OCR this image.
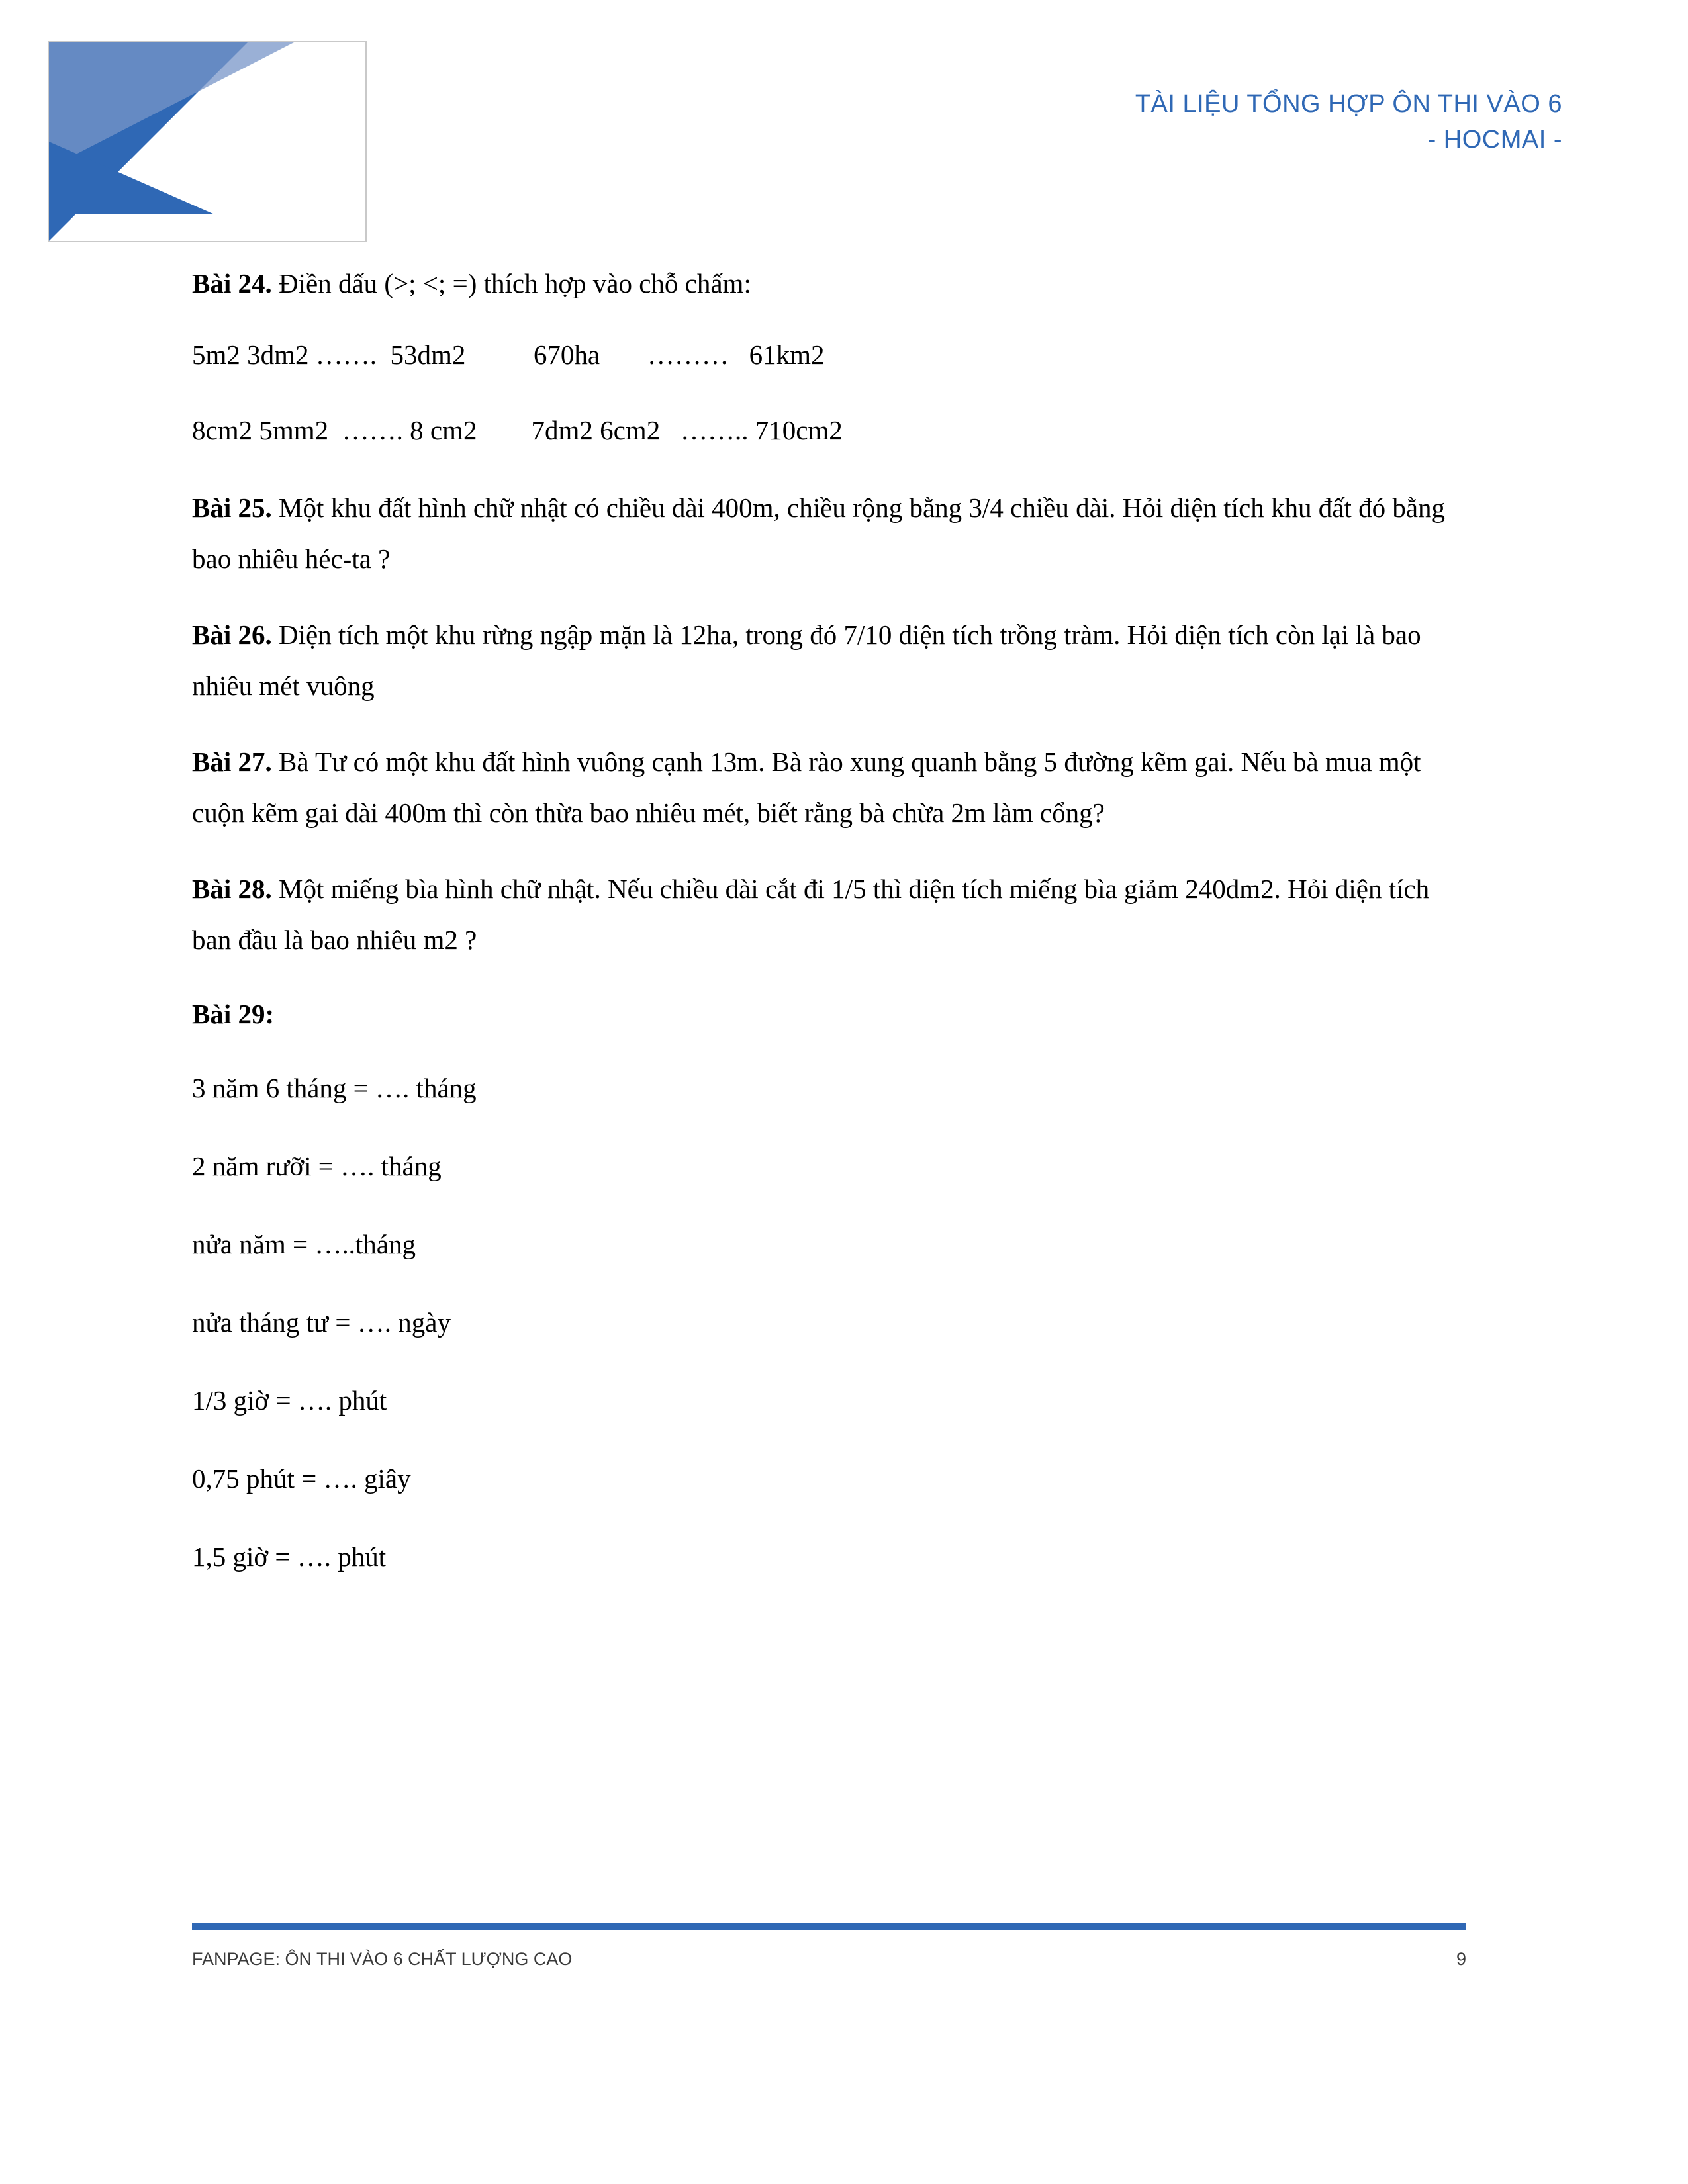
TÀI LIỆU TỔNG HỢP ÔN THI VÀO 6
- HOCMAI -

Bài 24. Điền dấu (>; <; =) thích hợp vào chỗ chấm:

5m2 3dm2 …….  53dm2          670ha       ………   61km2

8cm2 5mm2  ……. 8 cm2        7dm2 6cm2   …….. 710cm2

Bài 25. Một khu đất hình chữ nhật có chiều dài 400m, chiều rộng bằng 3/4 chiều dài. Hỏi diện tích khu đất đó bằng bao nhiêu héc-ta ?

Bài 26. Diện tích một khu rừng ngập mặn là 12ha, trong đó 7/10 diện tích trồng tràm. Hỏi diện tích còn lại là bao nhiêu mét vuông

Bài 27. Bà Tư có một khu đất hình vuông cạnh 13m. Bà rào xung quanh bằng 5 đường kẽm gai. Nếu bà mua một cuộn kẽm gai dài 400m thì còn thừa bao nhiêu mét, biết rằng bà chừa 2m làm cổng?

Bài 28. Một miếng bìa hình chữ nhật. Nếu chiều dài cắt đi 1/5 thì diện tích miếng bìa giảm 240dm2. Hỏi diện tích ban đầu là bao nhiêu m2 ?

Bài 29:

3 năm 6 tháng = …. tháng

2 năm rưỡi = …. tháng

nửa năm = …..tháng

nửa tháng tư = …. ngày

1/3 giờ = …. phút

0,75 phút = …. giây

1,5 giờ = …. phút

FANPAGE: ÔN THI VÀO 6 CHẤT LƯỢNG CAO	9
